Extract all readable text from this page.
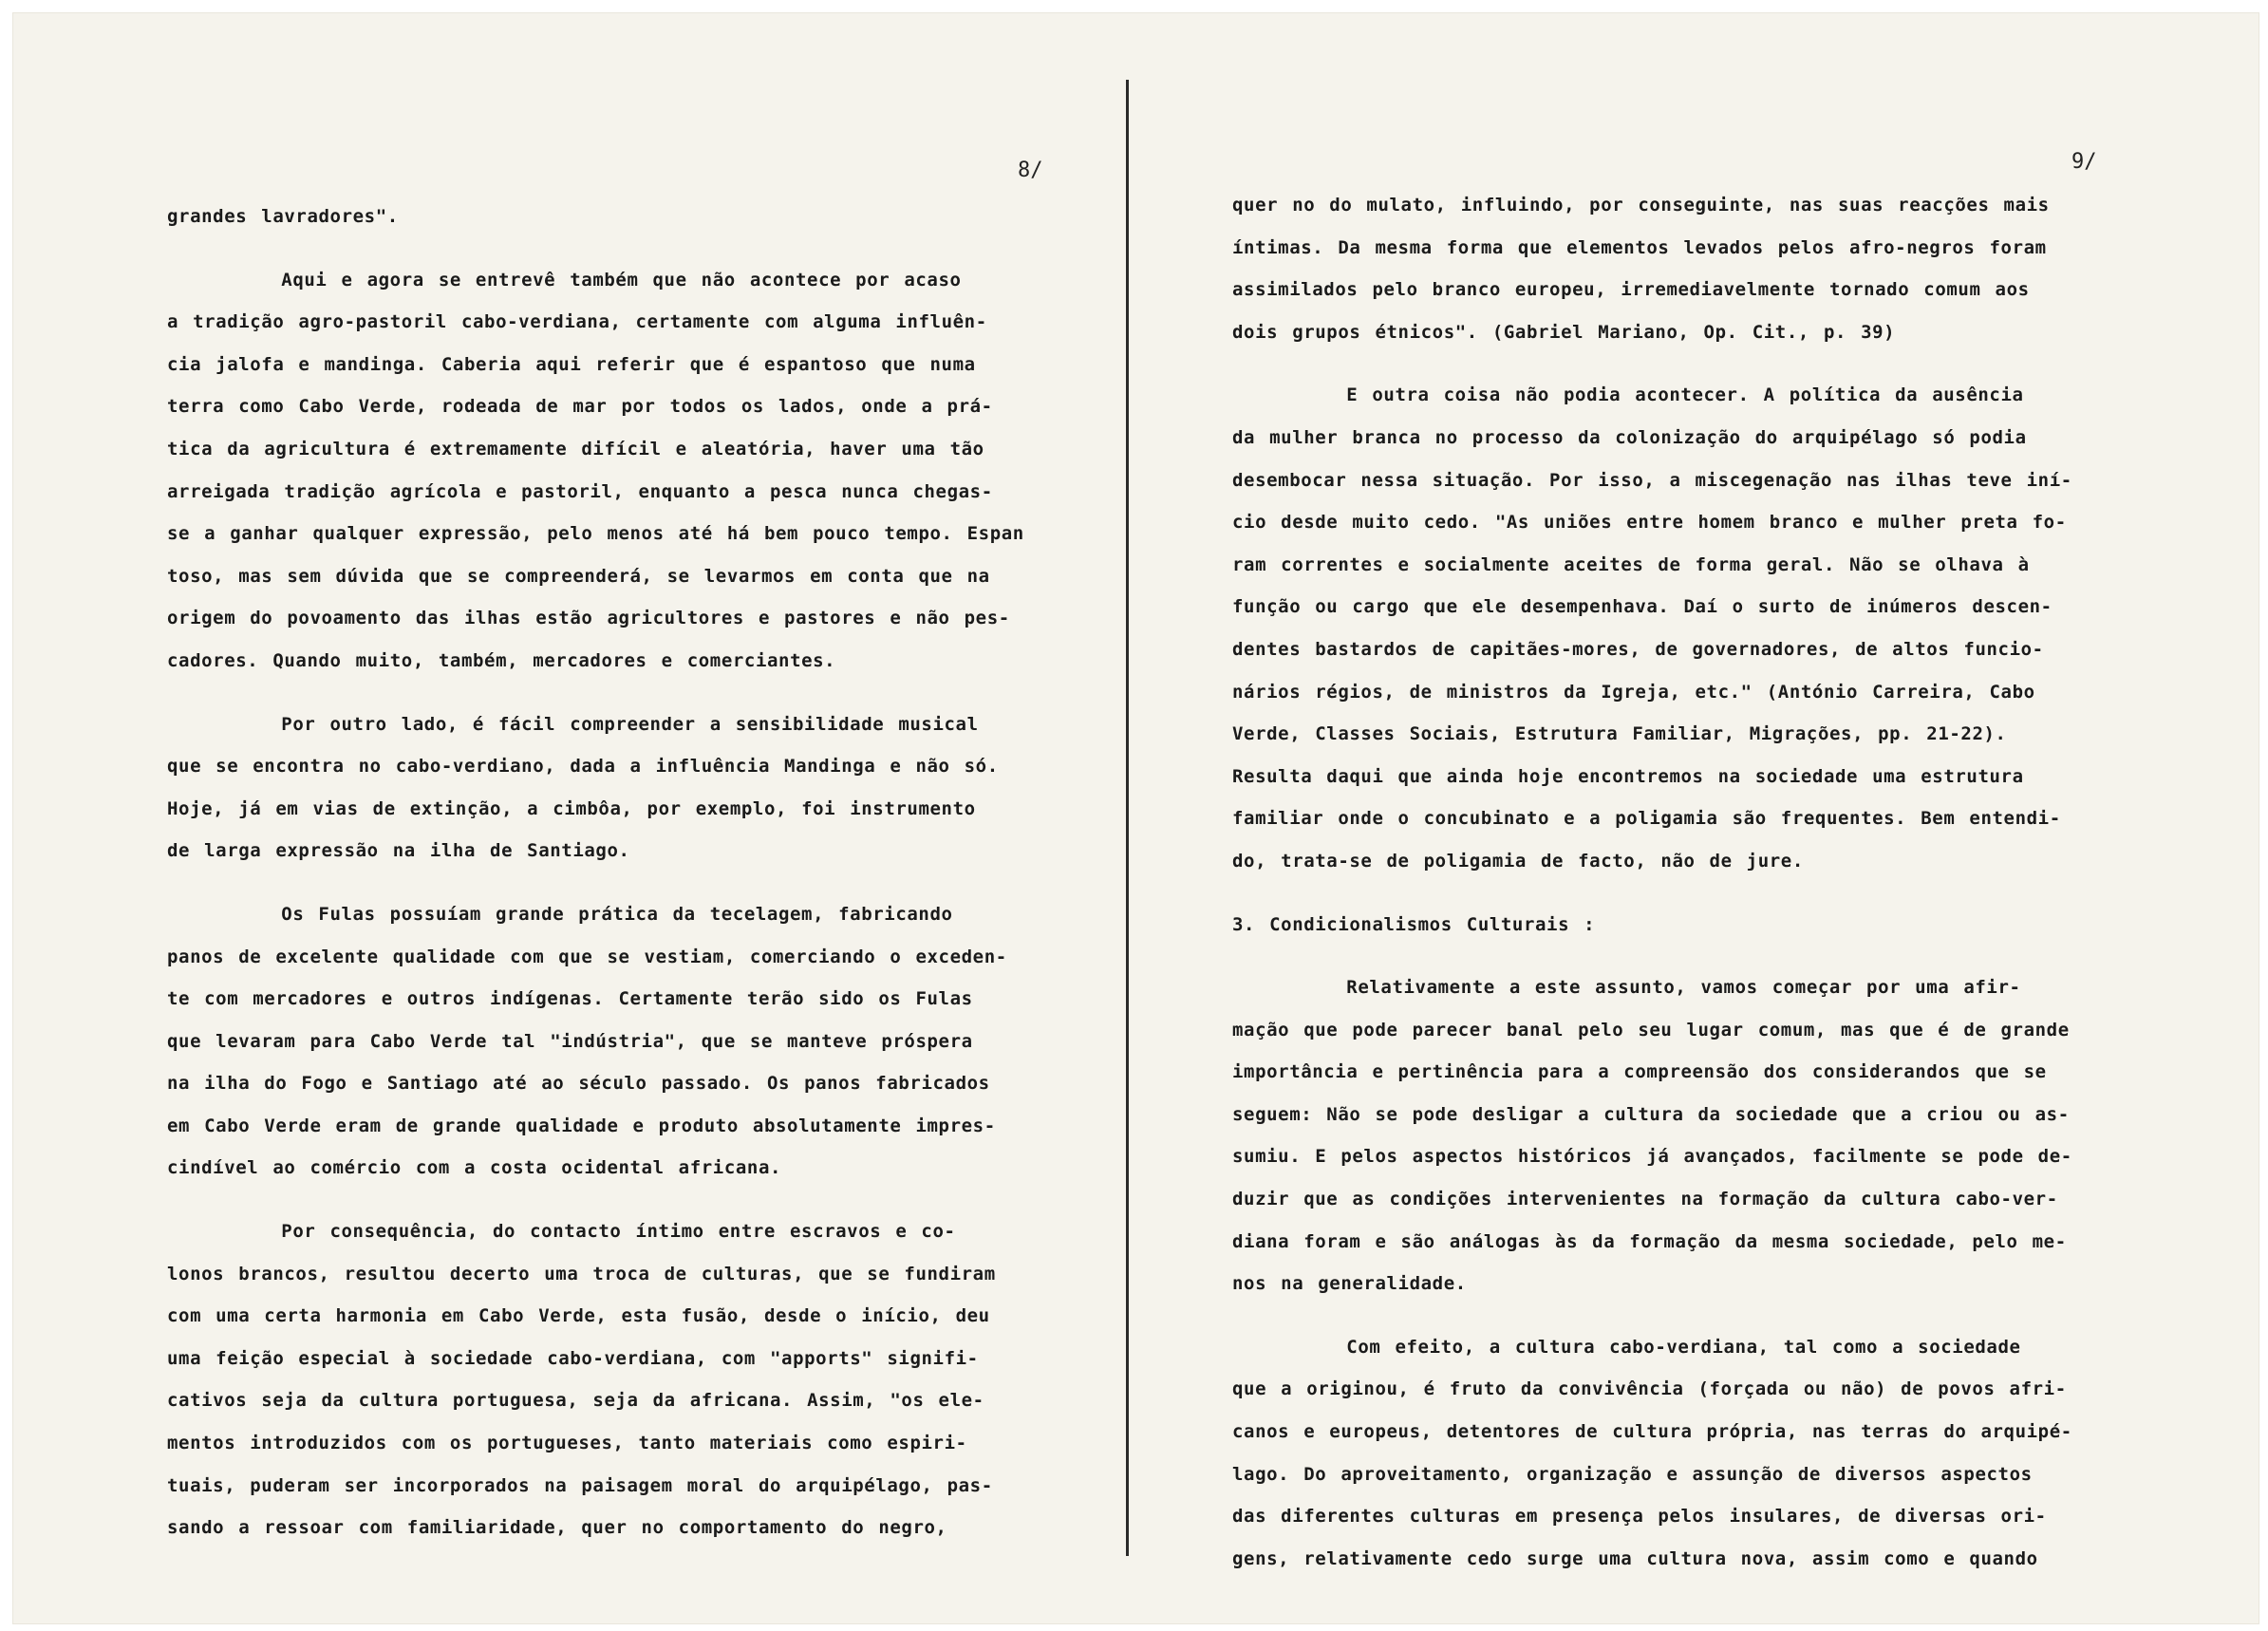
8/
grandes lavradores".
Aqui e agora se entrevê também que não acontece por acaso
a tradição agro-pastoril cabo-verdiana, certamente com alguma influên-
cia jalofa e mandinga. Caberia aqui referir que é espantoso que numa
terra como Cabo Verde, rodeada de mar por todos os lados, onde a prá-
tica da agricultura é extremamente difícil e aleatória, haver uma tão
arreigada tradição agrícola e pastoril, enquanto a pesca nunca chegas-
se a ganhar qualquer expressão, pelo menos até há bem pouco tempo. Espan
toso, mas sem dúvida que se compreenderá, se levarmos em conta que na
origem do povoamento das ilhas estão agricultores e pastores e não pes-
cadores. Quando muito, também, mercadores e comerciantes.
Por outro lado, é fácil compreender a sensibilidade musical
que se encontra no cabo-verdiano, dada a influência Mandinga e não só.
Hoje, já em vias de extinção, a cimbôa, por exemplo, foi instrumento
de larga expressão na ilha de Santiago.
Os Fulas possuíam grande prática da tecelagem, fabricando
panos de excelente qualidade com que se vestiam, comerciando o exceden-
te com mercadores e outros indígenas. Certamente terão sido os Fulas
que levaram para Cabo Verde tal "indústria", que se manteve próspera
na ilha do Fogo e Santiago até ao século passado. Os panos fabricados
em Cabo Verde eram de grande qualidade e produto absolutamente impres-
cindível ao comércio com a costa ocidental africana.
Por consequência, do contacto íntimo entre escravos e co-
lonos brancos, resultou decerto uma troca de culturas, que se fundiram
com uma certa harmonia em Cabo Verde, esta fusão, desde o início, deu
uma feição especial à sociedade cabo-verdiana, com "apports" signifi-
cativos seja da cultura portuguesa, seja da africana. Assim, "os ele-
mentos introduzidos com os portugueses, tanto materiais como espiri-
tuais, puderam ser incorporados na paisagem moral do arquipélago, pas-
sando a ressoar com familiaridade, quer no comportamento do negro,
9/
quer no do mulato, influindo, por conseguinte, nas suas reacções mais
íntimas. Da mesma forma que elementos levados pelos afro-negros foram
assimilados pelo branco europeu, irremediavelmente tornado comum aos
dois grupos étnicos". (Gabriel Mariano, Op. Cit., p. 39)
E outra coisa não podia acontecer. A política da ausência
da mulher branca no processo da colonização do arquipélago só podia
desembocar nessa situação. Por isso, a miscegenação nas ilhas teve iní-
cio desde muito cedo. "As uniões entre homem branco e mulher preta fo-
ram correntes e socialmente aceites de forma geral. Não se olhava à
função ou cargo que ele desempenhava. Daí o surto de inúmeros descen-
dentes bastardos de capitães-mores, de governadores, de altos funcio-
nários régios, de ministros da Igreja, etc." (António Carreira, Cabo
Verde, Classes Sociais, Estrutura Familiar, Migrações, pp. 21-22).
Resulta daqui que ainda hoje encontremos na sociedade uma estrutura
familiar onde o concubinato e a poligamia são frequentes. Bem entendi-
do, trata-se de poligamia de facto, não de jure.
3. Condicionalismos Culturais :
Relativamente a este assunto, vamos começar por uma afir-
mação que pode parecer banal pelo seu lugar comum, mas que é de grande
importância e pertinência para a compreensão dos considerandos que se
seguem: Não se pode desligar a cultura da sociedade que a criou ou as-
sumiu. E pelos aspectos históricos já avançados, facilmente se pode de-
duzir que as condições intervenientes na formação da cultura cabo-ver-
diana foram e são análogas às da formação da mesma sociedade, pelo me-
nos na generalidade.
Com efeito, a cultura cabo-verdiana, tal como a sociedade
que a originou, é fruto da convivência (forçada ou não) de povos afri-
canos e europeus, detentores de cultura própria, nas terras do arquipé-
lago. Do aproveitamento, organização e assunção de diversos aspectos
das diferentes culturas em presença pelos insulares, de diversas ori-
gens, relativamente cedo surge uma cultura nova, assim como e quando
